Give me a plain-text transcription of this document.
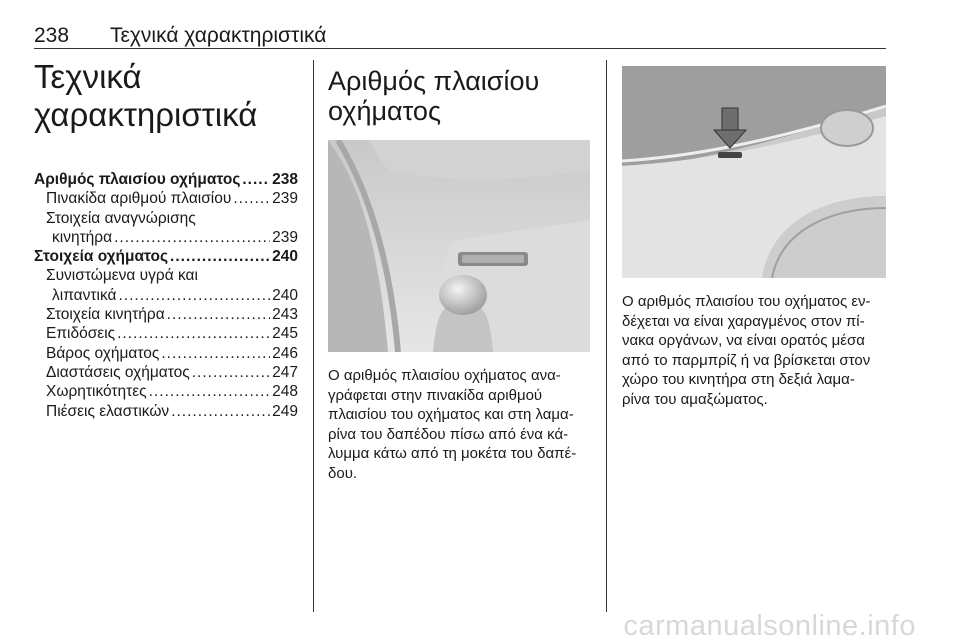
238 Τεχνικά χαρακτηριστικά
Τεχνικά
χαρακτηριστικά
Αριθμός πλαισίου οχήματος ..... 238
Πινακίδα αριθμού πλαισίου .....	239
Στοιχεία αναγνώρισης
κινητήρα .....	239
Στοιχεία οχήματος .....	240
Συνιστώμενα υγρά και
λιπαντικά .....	240
Στοιχεία κινητήρα .....	243
Επιδόσεις .....	245
Βάρος οχήματος .....	246
Διαστάσεις οχήματος .....	247
Χωρητικότητες .....	248
Πιέσεις ελαστικών .....	249
Αριθμός πλαισίου
οχήματος

Ο αριθμός πλαισίου οχήματος ανα-
γράφεται στην πινακίδα αριθμού
πλαισίου του οχήματος και στη λαμα-
ρίνα του δαπέδου πίσω από ένα κά-
λυμμα κάτω από τη μοκέτα του δαπέ-
δου.

Ο αριθμός πλαισίου του οχήματος εν-
δέχεται να είναι χαραγμένος στον πί-
νακα οργάνων, να είναι ορατός μέσα
από το παρμπρίζ ή να βρίσκεται στον
χώρο του κινητήρα στη δεξιά λαμα-
ρίνα του αμαξώματος.

carmanualsonline.info
